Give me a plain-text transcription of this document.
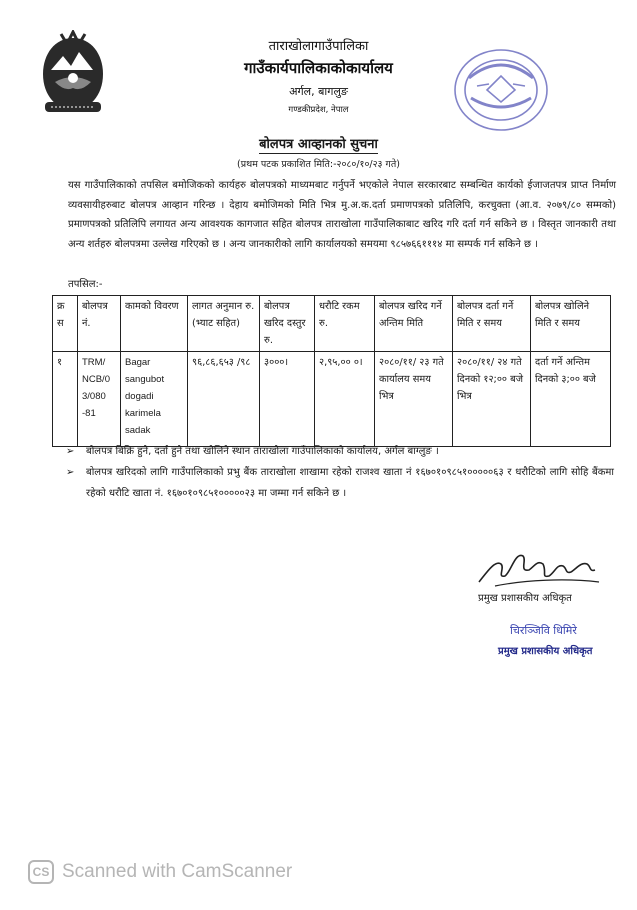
ताराखोलागाउँपालिका
गाउँकार्यपालिकाकोकार्यालय
अर्गल, बागलुङ
गण्डकीप्रदेश, नेपाल
बोलपत्र आव्हानको सुचना
(प्रथम पटक प्रकाशित मिति:-२०८०/१०/२३ गते)
यस गाउँपालिकाको तपसिल बमोजिकको कार्यहरु बोलपत्रको माध्यमबाट गर्नुपर्ने भएकोले नेपाल सरकारबाट सम्बन्धित कार्यको ईजाजतपत्र प्राप्त निर्माण व्यवसायीहरुबाट बोलपत्र आव्हान गरिन्छ । देहाय बमोजिमको मिति भित्र मु.अ.क.दर्ता प्रमाणपत्रको प्रतिलिपि, करचुक्ता (आ.व. २०७९/८० सम्मको) प्रमाणपत्रको प्रतिलिपि लगायत अन्य आवश्यक कागजात सहित बोलपत्र ताराखोला गाउँपालिकाबाट खरिद गरि दर्ता गर्न सकिने छ । विस्तृत जानकारी तथा अन्य शर्तहरु बोलपत्रमा उल्लेख गरिएको छ । अन्य जानकारीको लागि कार्यालयको समयमा ९८५७६६१११४ मा सम्पर्क गर्न सकिने छ ।
तपसिल:-
क्र स	बोलपत्र नं.	कामको विवरण	लागत अनुमान रु. (भ्याट सहित)	बोलपत्र खरिद दस्तुर रु.	धरौटि रकम रु.	बोलपत्र खरिद गर्ने अन्तिम मिति	बोलपत्र दर्ता गर्ने मिति र समय	बोलपत्र खोलिने मिति र समय
१	TRM/ NCB/0 3/080 -81	Bagar sangubot dogadi karimela sadak	९६,८६,६५३ /९८	३०००।	२,९५,०० ०।	२०८०/११/ २३ गते कार्यालय समय भित्र	२०८०/११/ २४ गते दिनको १२;०० बजे भित्र	दर्ता गर्ने अन्तिम दिनको ३;०० बजे
➢ बोलपत्र बिक्रि हुने, दर्ता हुने तथा खोलिने स्थान ताराखोला गाउँपालिकाको कार्यालय, अर्गल बाग्लुङ ।
➢ बोलपत्र खरिदको लागि गाउँपालिकाको प्रभु बैंक ताराखोला शाखामा रहेको राजश्व खाता नं १६७०१०९८५१०००००६३ र धरौटिको लागि सोहि बैंकमा रहेको धरौटि खाता नं. १६७०१०९८५१०००००२३ मा जम्मा गर्न सकिने छ ।
प्रमुख प्रशासकीय अधिकृत
चिरञ्जिवि धिमिरे
प्रमुख प्रशासकीय अधिकृत
CS Scanned with CamScanner
